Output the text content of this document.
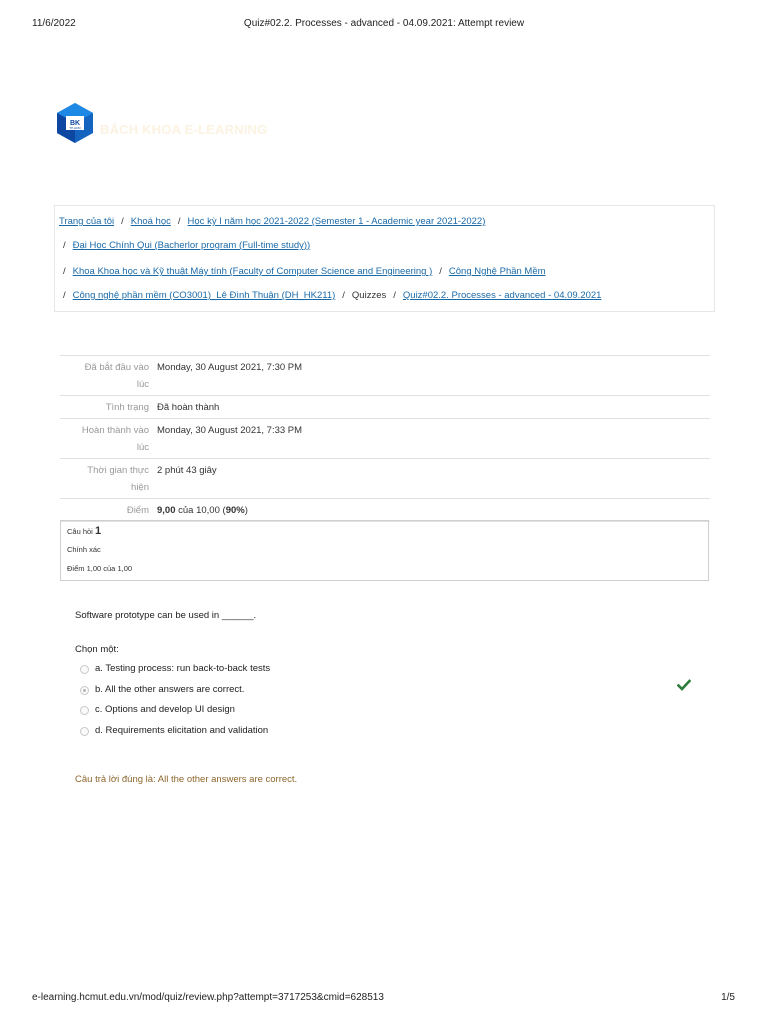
11/6/2022	Quiz#02.2. Processes - advanced - 04.09.2021: Attempt review
BK
TP.HCM BÁCH KHOA E-LEARNING
Trang của tôi / Khoá học / Học kỳ I năm học 2021-2022 (Semester 1 - Academic year 2021-2022)
/ Đại Học Chính Qui (Bacherlor program (Full-time study))
/ Khoa Khoa học và Kỹ thuật Máy tính (Faculty of Computer Science and Engineering ) / Công Nghệ Phần Mềm
/ Công nghệ phần mềm (CO3001)_Lê Đình Thuận (DH_HK211) / Quizzes / Quiz#02.2. Processes - advanced - 04.09.2021
Đã bắt đầu vào
lúc	Monday, 30 August 2021, 7:30 PM
Tình trạng	Đã hoàn thành
Hoàn thành vào
lúc	Monday, 30 August 2021, 7:33 PM
Thời gian thực
hiện	2 phút 43 giây
Điểm	9,00 của 10,00 (90%)
Câu hỏi 1
Chính xác
Điểm 1,00 của 1,00
Software prototype can be used in ______.
Chọn một:
a. Testing process: run back-to-back tests
b. All the other answers are correct.
c. Options and develop UI design
d. Requirements elicitation and validation
Câu trả lời đúng là: All the other answers are correct.
e-learning.hcmut.edu.vn/mod/quiz/review.php?attempt=3717253&cmid=628513	1/5
